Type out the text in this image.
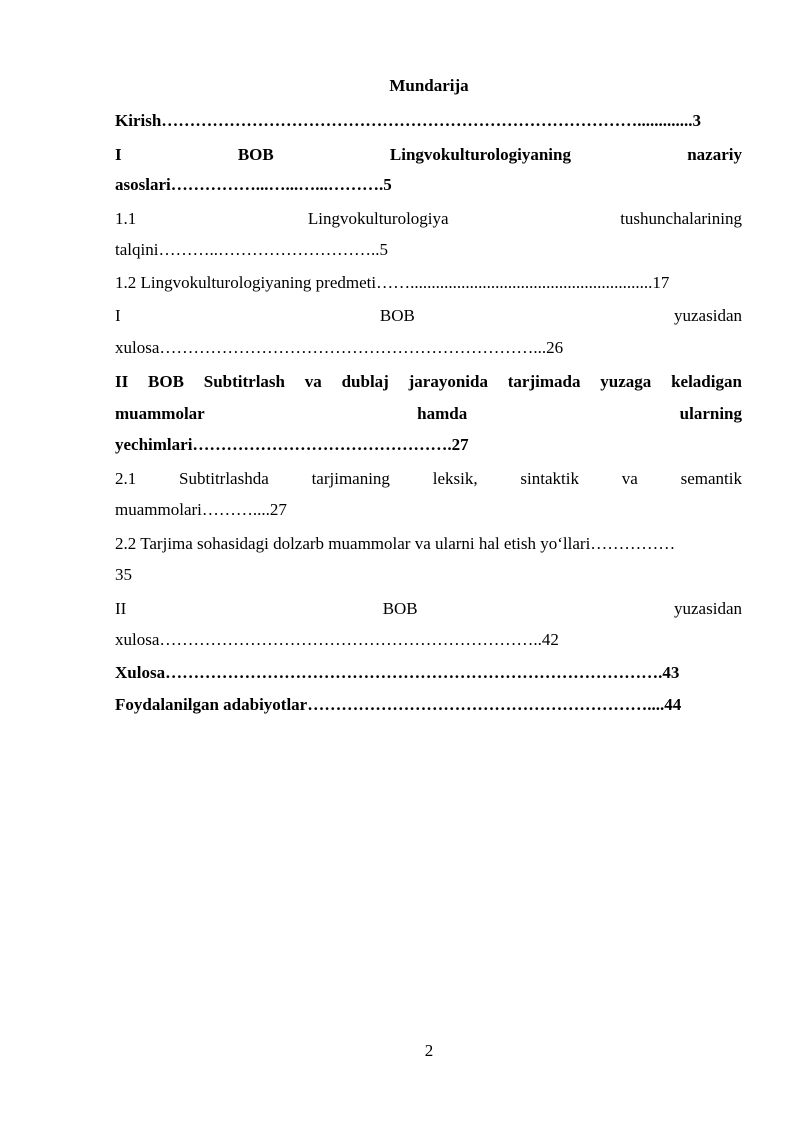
Mundarija
Kirish………………………………………………………………………….............3
I	BOB	Lingvokulturologiyaning	nazariy
asoslari……………...…...…...……….5
1.1	Lingvokulturologiya	tushunchalarining
talqini………..………………………..5
1.2 Lingvokulturologiyaning predmeti…….........................................................17
I	BOB	yuzasidan
xulosa…………………………………………………………...26
II BOB Subtitrlash va dublaj jarayonida tarjimada yuzaga keladigan
muammolar	hamda	ularning
yechimlari……………………………………….27
2.1	Subtitrlashda	tarjimaning	leksik,	sintaktik	va	semantik
muammolari………....27
2.2 Tarjima sohasidagi dolzarb muammolar va ularni hal etish yo‘llari……………
35
II	BOB	yuzasidan
xulosa…………………………………………………………..42
Xulosa…………………………………………………………………………….43
Foydalanilgan adabiyotlar……………………………………………………....44
2
